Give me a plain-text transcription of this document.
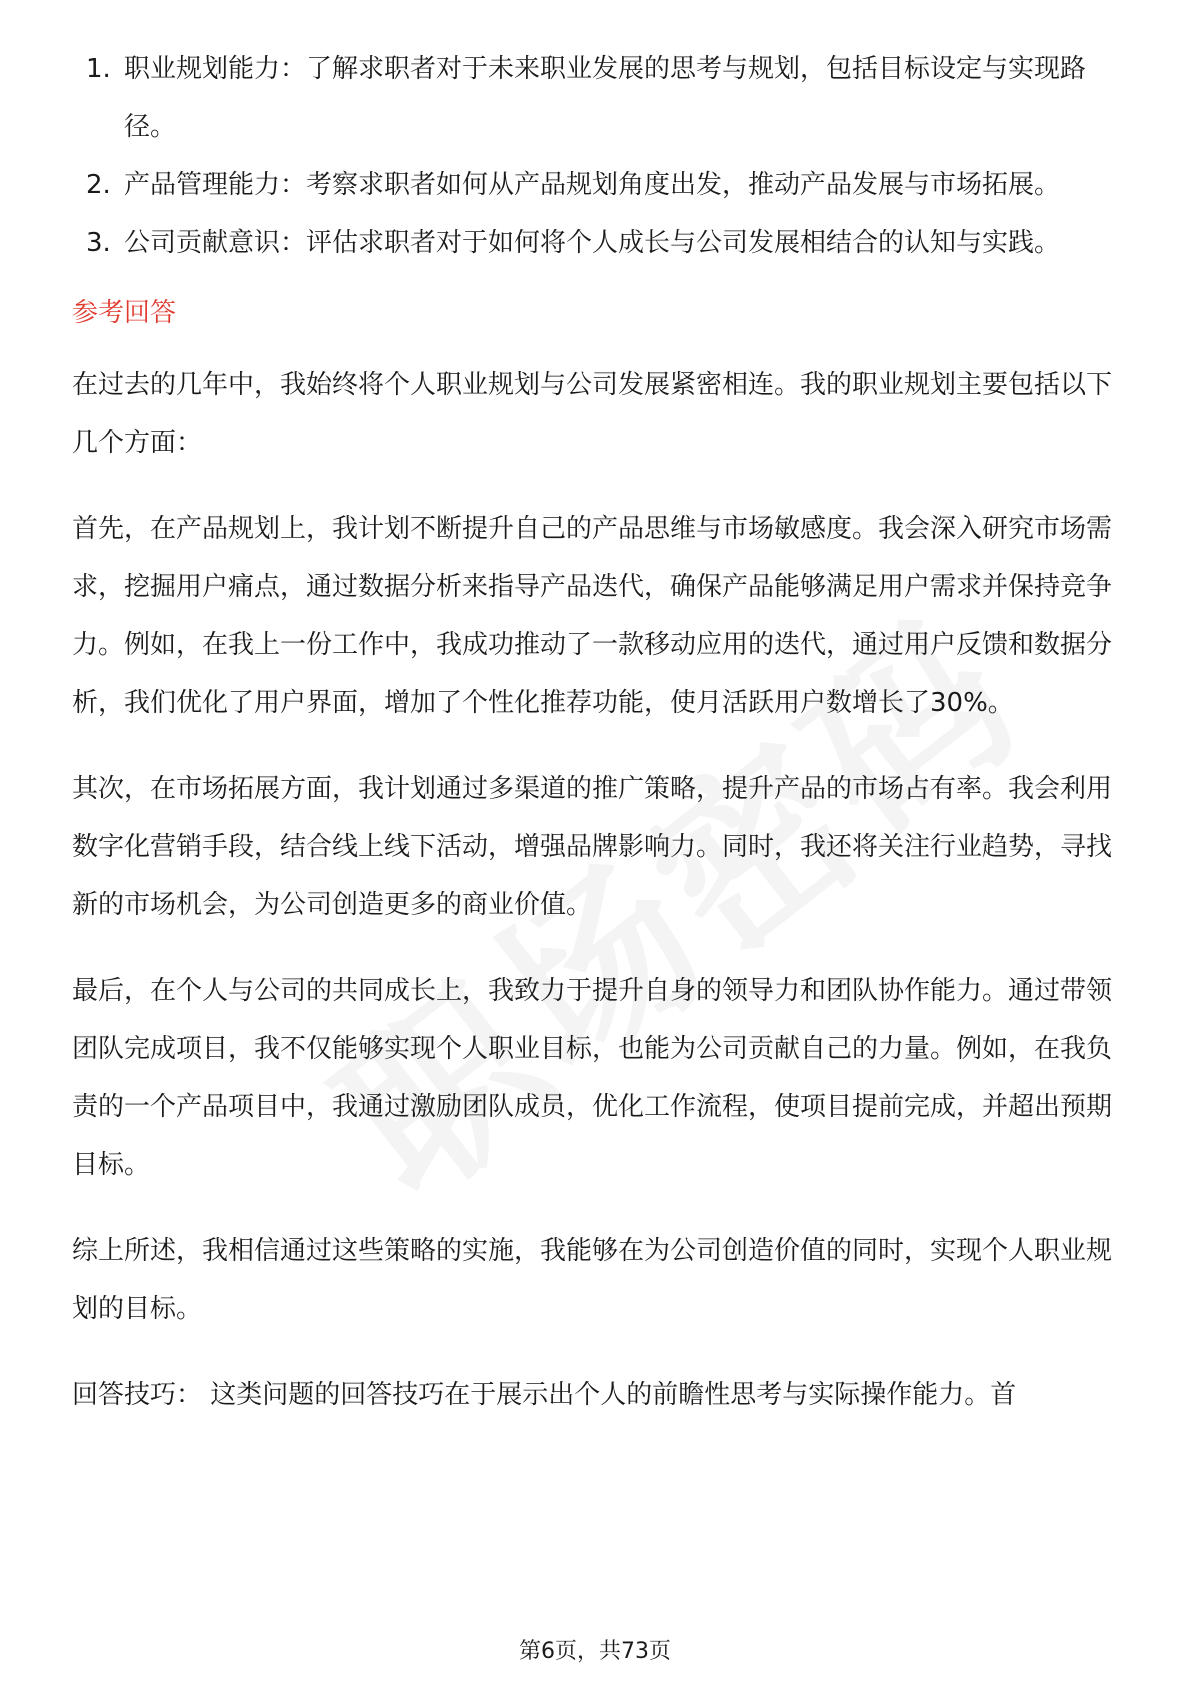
1. 职业规划能力：了解求职者对于未来职业发展的思考与规划，包括目标设定与实现路径。
2. 产品管理能力：考察求职者如何从产品规划角度出发，推动产品发展与市场拓展。
3. 公司贡献意识：评估求职者对于如何将个人成长与公司发展相结合的认知与实践。
参考回答

在过去的几年中，我始终将个人职业规划与公司发展紧密相连。我的职业规划主要包括以下几个方面：

首先，在产品规划上，我计划不断提升自己的产品思维与市场敏感度。我会深入研究市场需求，挖掘用户痛点，通过数据分析来指导产品迭代，确保产品能够满足用户需求并保持竞争力。例如，在我上一份工作中，我成功推动了一款移动应用的迭代，通过用户反馈和数据分析，我们优化了用户界面，增加了个性化推荐功能，使月活跃用户数增长了30%。

其次，在市场拓展方面，我计划通过多渠道的推广策略，提升产品的市场占有率。我会利用数字化营销手段，结合线上线下活动，增强品牌影响力。同时，我还将关注行业趋势，寻找新的市场机会，为公司创造更多的商业价值。

最后，在个人与公司的共同成长上，我致力于提升自身的领导力和团队协作能力。通过带领团队完成项目，我不仅能够实现个人职业目标，也能为公司贡献自己的力量。例如，在我负责的一个产品项目中，我通过激励团队成员，优化工作流程，使项目提前完成，并超出预期目标。

综上所述，我相信通过这些策略的实施，我能够在为公司创造价值的同时，实现个人职业规划的目标。

回答技巧： 这类问题的回答技巧在于展示出个人的前瞻性思考与实际操作能力。首

第6页，共73页
